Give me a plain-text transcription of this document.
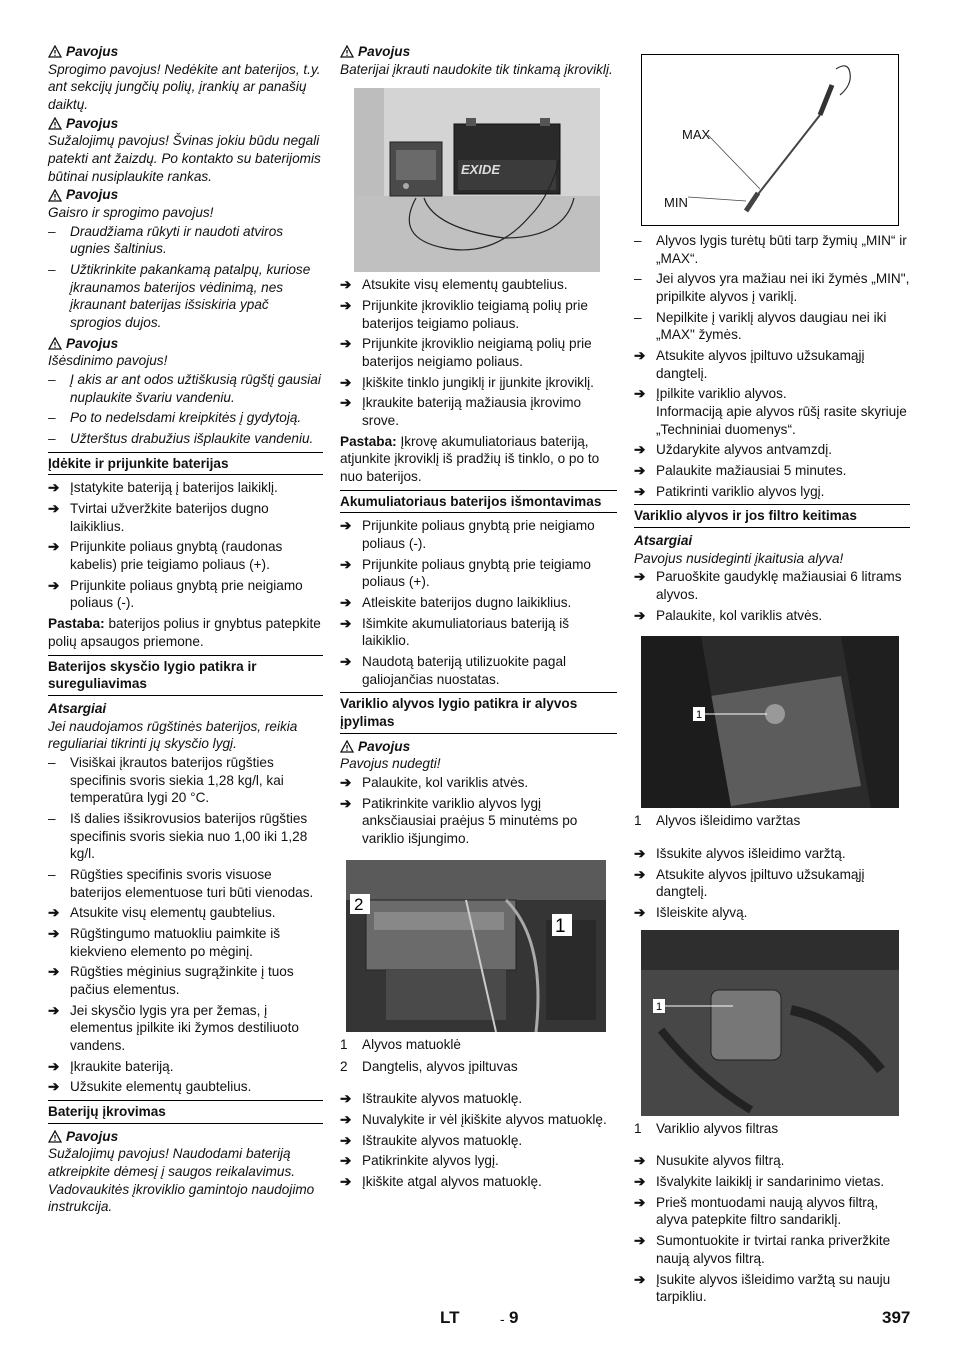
Pavojus
Sprogimo pavojus! Nedėkite ant baterijos, t.y. ant sekcijų jungčių polių, įrankių ar panašių daiktų.
Pavojus
Sužalojimų pavojus! Švinas jokiu būdu negali patekti ant žaizdų. Po kontakto su baterijomis būtinai nusiplaukite rankas.
Pavojus
Gaisro ir sprogimo pavojus!
–	Draudžiama rūkyti ir naudoti atviros ugnies šaltinius.
–	Užtikrinkite pakankamą patalpų, kuriose įkraunamos baterijos vėdinimą, nes įkraunant baterijas išsiskiria ypač sprogios dujos.
Pavojus
Išėsdinimo pavojus!
–	Į akis ar ant odos užtiškusią rūgštį gausiai nuplaukite švariu vandeniu.
–	Po to nedelsdami kreipkitės į gydytoją.
–	Užterštus drabužius išplaukite vandeniu.
Įdėkite ir prijunkite baterijas
➔ Įstatykite bateriją į baterijos laikiklį.
➔ Tvirtai užveržkite baterijos dugno laikiklius.
➔ Prijunkite poliaus gnybtą (raudonas kabelis) prie teigiamo poliaus (+).
➔ Prijunkite poliaus gnybtą prie neigiamo poliaus (-).
Pastaba: baterijos polius ir gnybtus patepkite polių apsaugos priemone.
Baterijos skysčio lygio patikra ir sureguliavimas
Atsargiai
Jei naudojamos rūgštinės baterijos, reikia reguliariai tikrinti jų skysčio lygį.
–	Visiškai įkrautos baterijos rūgšties specifinis svoris siekia 1,28 kg/l, kai temperatūra lygi 20 °C.
–	Iš dalies išsikrovusios baterijos rūgšties specifinis svoris siekia nuo 1,00 iki 1,28 kg/l.
–	Rūgšties specifinis svoris visuose baterijos elementuose turi būti vienodas.
➔ Atsukite visų elementų gaubtelius.
➔ Rūgštingumo matuokliu paimkite iš kiekvieno elemento po mėginį.
➔ Rūgšties mėginius sugrąžinkite į tuos pačius elementus.
➔ Jei skysčio lygis yra per žemas, į elementus įpilkite iki žymos destiliuoto vandens.
➔ Įkraukite bateriją.
➔ Užsukite elementų gaubtelius.
Baterijų įkrovimas
Pavojus
Sužalojimų pavojus! Naudodami bateriją atkreipkite dėmesį į saugos reikalavimus. Vadovaukitės įkroviklio gamintojo naudojimo instrukcija.
Pavojus
Baterijai įkrauti naudokite tik tinkamą įkroviklį.
EXIDE
➔ Atsukite visų elementų gaubtelius.
➔ Prijunkite įkroviklio teigiamą polių prie baterijos teigiamo poliaus.
➔ Prijunkite įkroviklio neigiamą polių prie baterijos neigiamo poliaus.
➔ Įkiškite tinklo jungiklį ir įjunkite įkroviklį.
➔ Įkraukite bateriją mažiausia įkrovimo srove.
Pastaba: Įkrovę akumuliatoriaus bateriją, atjunkite įkroviklį iš pradžių iš tinklo, o po to nuo baterijos.
Akumuliatoriaus baterijos išmontavimas
➔ Prijunkite poliaus gnybtą prie neigiamo poliaus (-).
➔ Prijunkite poliaus gnybtą prie teigiamo poliaus (+).
➔ Atleiskite baterijos dugno laikiklius.
➔ Išimkite akumuliatoriaus bateriją iš laikiklio.
➔ Naudotą bateriją utilizuokite pagal galiojančias nuostatas.
Variklio alyvos lygio patikra ir alyvos įpylimas
Pavojus
Pavojus nudegti!
➔ Palaukite, kol variklis atvės.
➔ Patikrinkite variklio alyvos lygį anksčiausiai praėjus 5 minutėms po variklio išjungimo.
2
1
1	Alyvos matuoklė
2	Dangtelis, alyvos įpiltuvas
➔ Ištraukite alyvos matuoklę.
➔ Nuvalykite ir vėl įkiškite alyvos matuoklę.
➔ Ištraukite alyvos matuoklę.
➔ Patikrinkite alyvos lygį.
➔ Įkiškite atgal alyvos matuoklę.
MAX
MIN
–	Alyvos lygis turėtų būti tarp žymių „MIN“ ir „MAX“.
–	Jei alyvos yra mažiau nei iki žymės „MIN", pripilkite alyvos į variklį.
–	Nepilkite į variklį alyvos daugiau nei iki „MAX" žymės.
➔ Atsukite alyvos įpiltuvo užsukamąjį dangtelį.
➔ Įpilkite variklio alyvos.
Informaciją apie alyvos rūšį rasite skyriuje „Techniniai duomenys“.
➔ Uždarykite alyvos antvamzdį.
➔ Palaukite mažiausiai 5 minutes.
➔ Patikrinti variklio alyvos lygį.
Variklio alyvos ir jos filtro keitimas
Atsargiai
Pavojus nusideginti įkaitusia alyva!
➔ Paruoškite gaudyklę mažiausiai 6 litrams alyvos.
➔ Palaukite, kol variklis atvės.
1
1	Alyvos išleidimo varžtas
➔ Išsukite alyvos išleidimo varžtą.
➔ Atsukite alyvos įpiltuvo užsukamąjį dangtelį.
➔ Išleiskite alyvą.
1
1	Variklio alyvos filtras
➔ Nusukite alyvos filtrą.
➔ Išvalykite laikiklį ir sandarinimo vietas.
➔ Prieš montuodami naują alyvos filtrą, alyva patepkite filtro sandariklį.
➔ Sumontuokite ir tvirtai ranka priveržkite naują alyvos filtrą.
➔ Įsukite alyvos išleidimo varžtą su nauju tarpikliu.
LT	- 9	397
